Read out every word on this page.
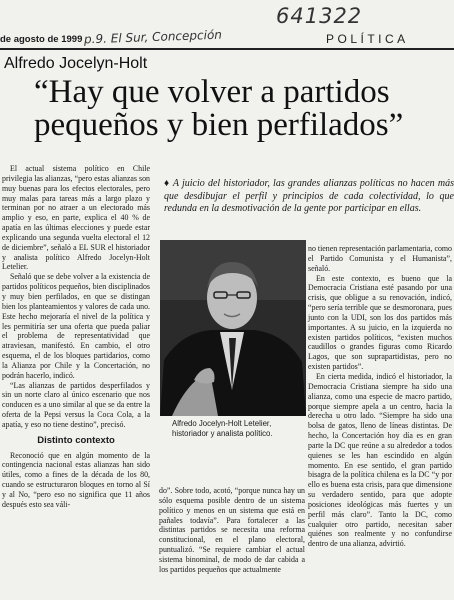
de agosto de 1999 p.9. El Sur, Concepción
641322
POLÍTICA
Alfredo Jocelyn-Holt
“Hay que volver a partidos
pequeños y bien perfilados”

El actual sistema político en Chile privilegia las alianzas, “pero estas alianzas son muy buenas para los efectos electorales, pero muy malas para tareas más a largo plazo y terminan por no atraer a un electorado más amplio y eso, en parte, explica el 40 % de apatía en las últimas elecciones y puede estar explicando una segunda vuelta electoral el 12 de diciembre”, señaló a EL SUR el historiador y analista político Alfredo Jocelyn-Holt Letelier.

Señaló que se debe volver a la existencia de partidos políticos pequeños, bien disciplinados y muy bien perfilados, en que se distingan bien los planteamientos y valores de cada uno. Este hecho mejoraría el nivel de la política y les permitiría ser una oferta que pueda paliar el problema de representatividad que atraviesan, manifestó. En cambio, el otro esquema, el de los bloques partidarios, como la Alianza por Chile y la Concertación, no podrán hacerlo, indicó.

“Las alianzas de partidos desperfilados y sin un norte claro al único escenario que nos conducen es a uno similar al que se da entre la oferta de la Pepsi versus la Coca Cola, a la apatía, y eso no tiene destino”, precisó.

Distinto contexto

Reconoció que en algún momento de la contingencia nacional estas alianzas han sido útiles, como a fines de la década de los 80, cuando se estructuraron bloques en torno al Sí y al No, “pero eso no significa que 11 años después esto sea váli-

♦ A juicio del historiador, las grandes alianzas políticas no hacen más que desdibujar el perfil y principios de cada colectividad, lo que redunda en la desmotivación de la gente por participar en ellas.

Alfredo Jocelyn-Holt Letelier, historiador y analista político.

do”. Sobre todo, acotó, “porque nunca hay un sólo esquema posible dentro de un sistema político y menos en un sistema que está en pañales todavía”. Para fortalecer a las distintas partidos se necesita una reforma constitucional, en el plano electoral, puntualizó. “Se requiere cambiar el actual sistema binominal, de modo de dar cabida a los partidos pequeños que actualmente

no tienen representación parlamentaria, como el Partido Comunista y el Humanista”, señaló.

En este contexto, es bueno que la Democracia Cristiana esté pasando por una crisis, que obligue a su renovación, indicó, “pero sería terrible que se desmoronara, pues junto con la UDI, son los dos partidos más importantes. A su juicio, en la izquierda no existen partidos políticos, “existen muchos caudillos o grandes figuras como Ricardo Lagos, que son suprapartidistas, pero no existen partidos”.

En cierta medida, indicó el historiador, la Democracia Cristiana siempre ha sido una alianza, como una especie de macro partido, porque siempre apela a un centro, hacia la derecha u otro lado. “Siempre ha sido una bolsa de gatos, lleno de líneas distintas. De hecho, la Concertación hoy día es en gran parte la DC que reúne a su alrededor a todos quienes se les han escindido en algún momento. En ese sentido, el gran partido bisagra de la política chilena es la DC “y por ello es buena esta crisis, para que dimensione su verdadero sentido, para que adopte posiciones ideológicas más fuertes y un perfil más claro”. Tanto la DC, como cualquier otro partido, necesitan saber quiénes son realmente y no confundirse dentro de una alianza, advirtió.
